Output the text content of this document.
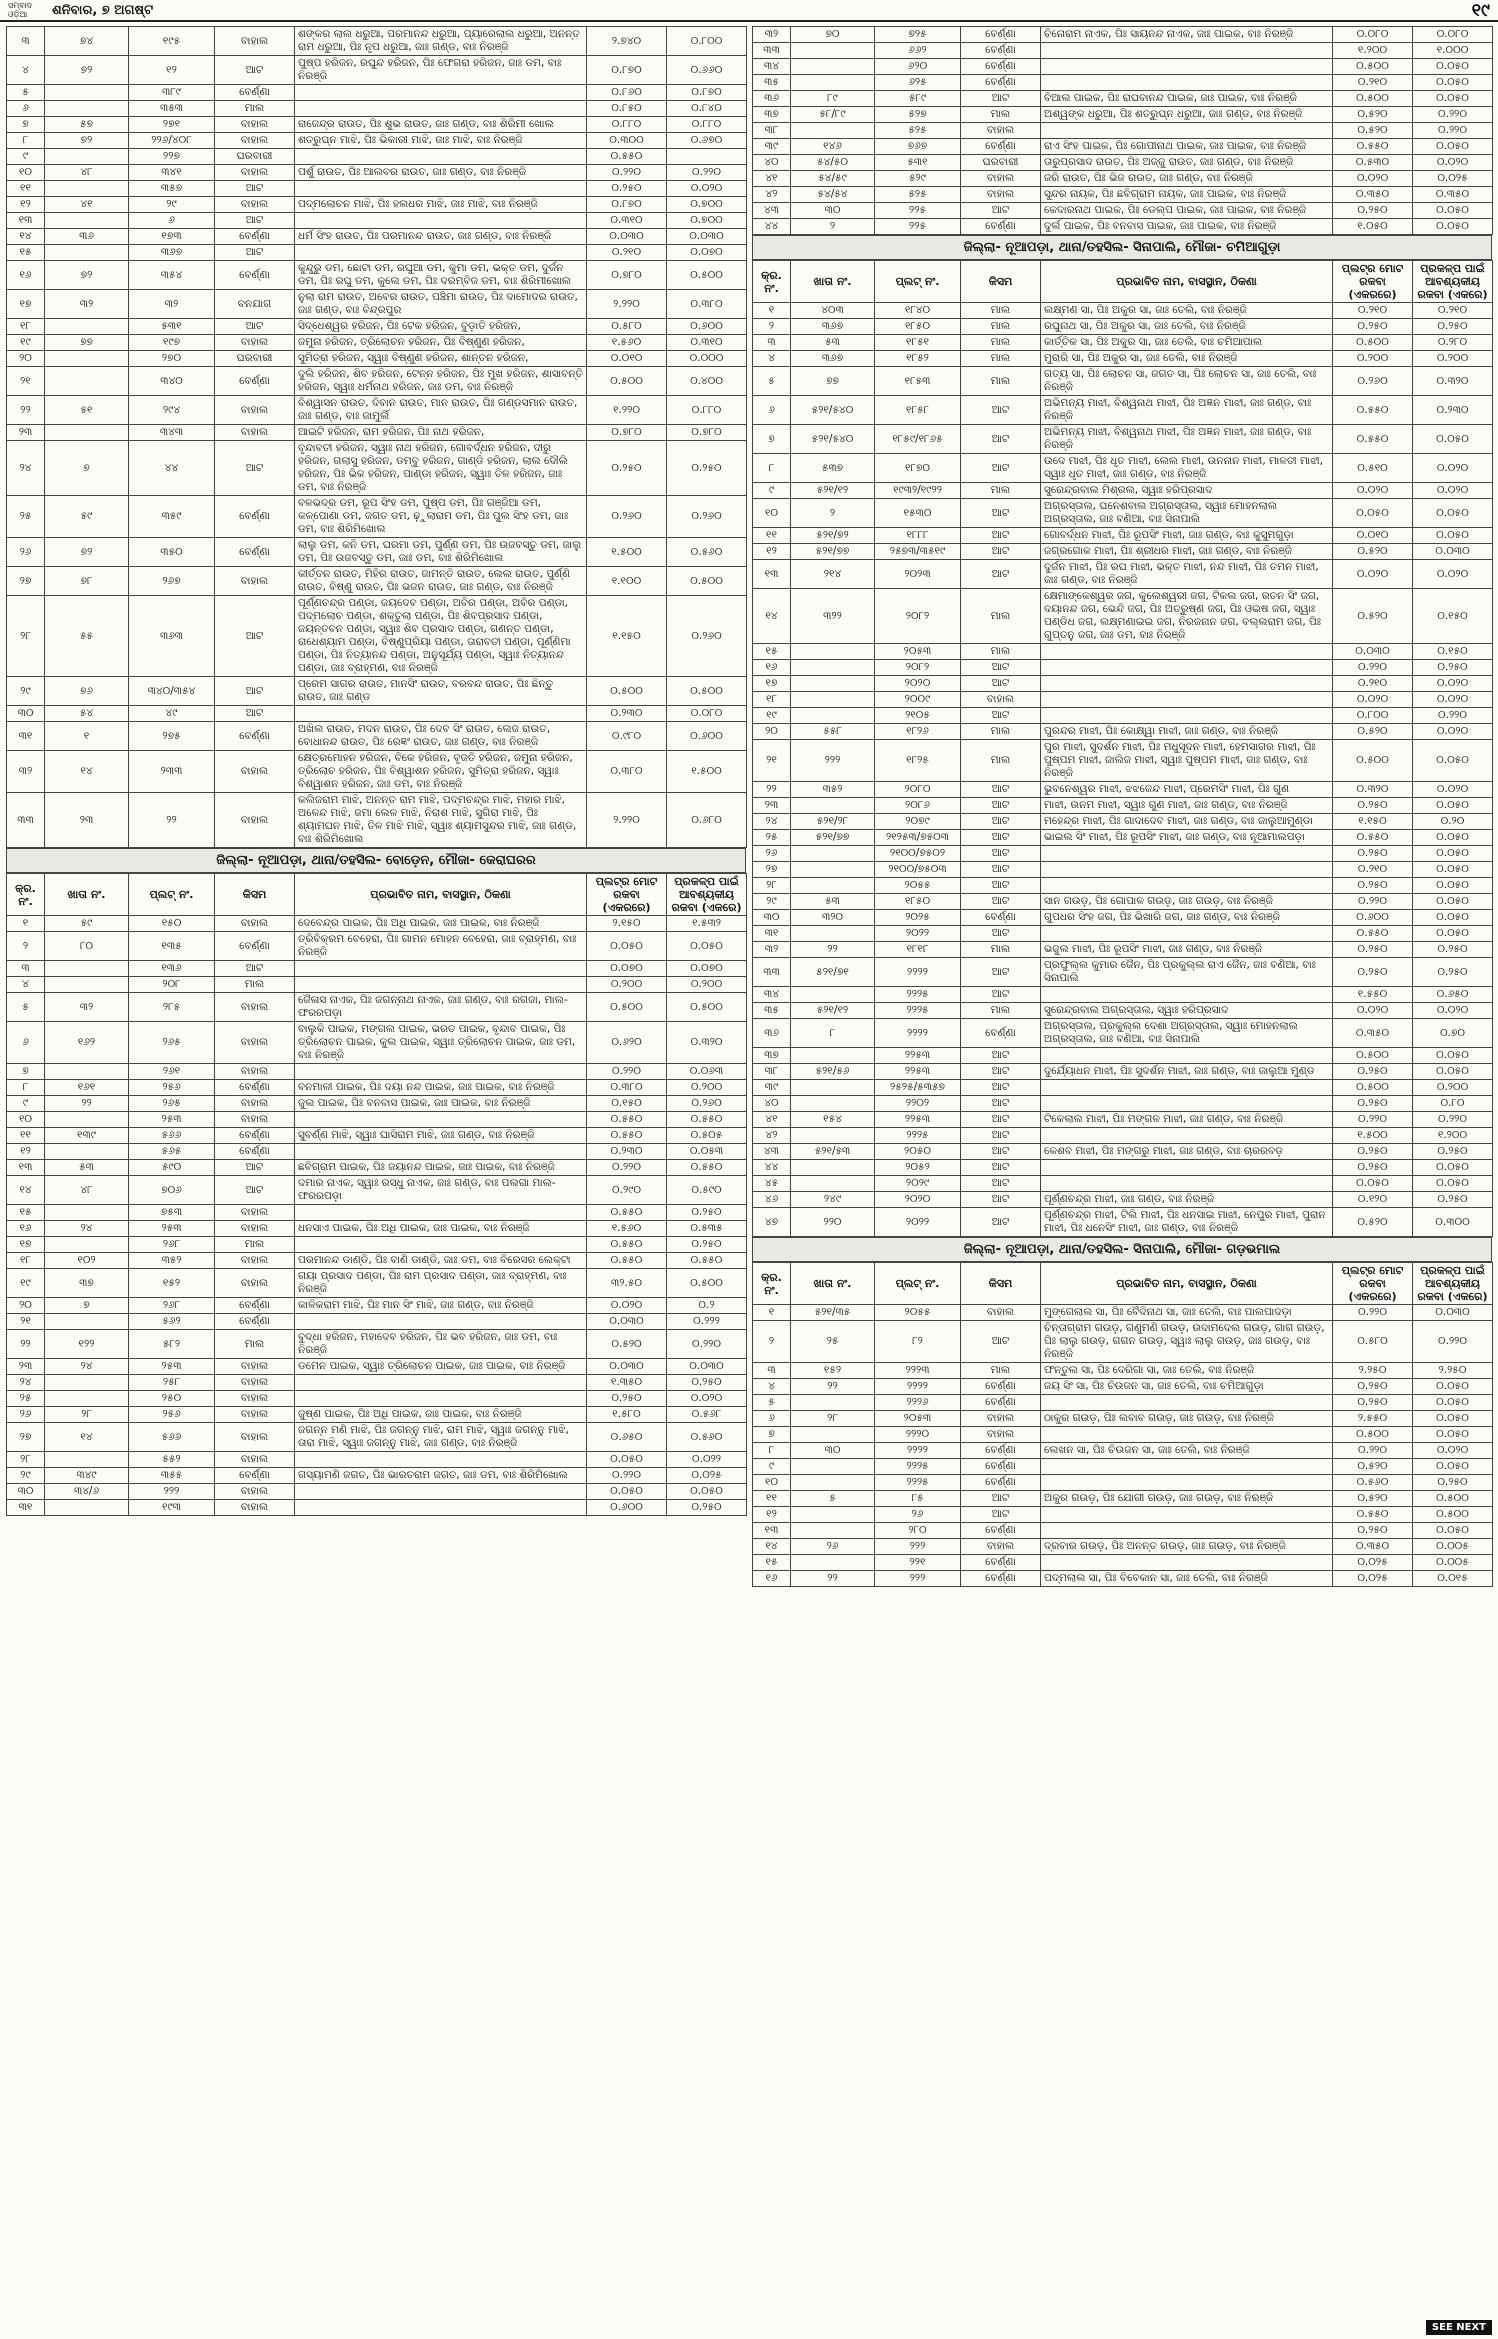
ସମ୍ବାଦ ଓଡ଼ିଆ	ଶନିବାର, ୭ ଅଗଷ୍ଟ	୧୯
୩	୭୪	୧୯୫	ବାହାଲ	ଶଙ୍କର ଲାଲ ଧରୁଆ, ପରମାନନ୍ଦ ଧରୁଆ, ପ୍ୟାରେଲାଲ ଧରୁଆ, ଅନନ୍ତ ରାମ ଧରୁଆ, ପିଃ ନୃପ ଧରୁଆ, ଜାଃ ଗଣ୍ଡ, ବାଃ ନିରଞ୍ଜି	୨.୭୪୦	୦.୮୦୦
୪	୭୨	୧୨	ଆଟ	ପୁଷ୍ପ ହରିଜନ, ରଘୁନ୍ଦ ହରିଜନ, ପିଃ ଫେଗରା ହରିଜନ, ଜାଃ ଡମ, ବାଃ ନିରଞ୍ଜି	୦.୮୭୦	୦.୬୬୦
୫		୩୮୯	ବେର୍ଣ୍ଣା		୦.୮୬୦	୦.୮୭୦
୬		୩୫୩	ମାଲ		୦.୮୫୦	୦.୮୪୦
୭	୫୭	୨୭୧	ବାହାଲ	ରାଜେନ୍ଦ୍ର ରାଉତ, ପିଃ ଶୁଭ ରାଉତ, ଜାଃ ଗଣ୍ଡ, ବାଃ ଶିରିମୀ ଖୋଲ	୦.୮୮୦	୦.୮୮୦
୮	୭୨	୨୨୬/୪୦୮	ବାହାଲ	ଶତ୍ରୁଘ୍ନ ମାଝି, ପିଃ ଭିକାରୀ ମାଝି, ଜାଃ ମାଝି, ବାଃ ନିରଞ୍ଜି	୦.୩୦୦	୦.୬୭୦
୯		୨୨୭	ଘରବାରୀ		୦.୫୫୦	
୧୦	୪୮	୩୪୧	ବାହାଲ	ପର୍ଶୁ ରାଉତ, ପିଃ ଆଲବର ରାଉତ, ଜାଃ ଗଣ୍ଡ, ବାଃ ନିରଞ୍ଜି	୦.୨୨୦	୦.୨୨୦
୧୧		୩୫୭	ଆଟ		୦.୨୫୦	୦.୦୨୦
୧୨	୪୧	୨୯	ବାହାଲ	ପଦ୍ମଲୋଚନ ମାଝି, ପିଃ ହଲଧର ମାଝି, ଜାଃ ମାଝି, ବାଃ ନିରଞ୍ଜି	୦.୮୭୦	୦.୭୦୦
୧୩		୬	ଆଟ		୦.୩୧୦	୦.୭୦୦
୧୪	୩୬	୧୭୩	ବେର୍ଣ୍ଣା	ଧର୍ମ ସିଂହ ରାଉତ, ପିଃ ପରମାନନ୍ଦ ରାଉତ, ଜାଃ ଗଣ୍ଡ, ବାଃ ନିରଞ୍ଜି	୦.୦୩୦	୦.୦୩୦
୧୫		୩୬୭	ଆଟ		୦.୨୧୦	୦.୦୭୦
୧୬	୭୨	୩୫୪	ବେର୍ଣ୍ଣା	କୁନ୍ଦୁରୁ ଡମ, ଛୋଟା ଡମ, ରଘୁଆ ଡମ, କୁମା ଡମ, ଭକ୍ତ ଡମ, ଦୁର୍ଜନ ଡମ, ପିଃ ରଘୁ ଡମ, କୁଲେ ଡମ, ପିଃ ଦରମ୍ବିଜ ଡମ, ବାଃ ଶିରିମୀଖୋଲ	୦.୭୮୦	୦.୫୦୦
୧୭	୩୨	୩୨	ବନଯାଗ	ନୁଲା ରାମ ରାଉତ, ଅବେର ରାଉତ, ପଞ୍ଚିମା ରାଉତ, ପିଃ ଦାମୋଦର ରାଉତ, ଜାଃ ଗଣ୍ଡ, ବାଃ ବିନ୍ଦ୍ରପୁର	୨.୨୨୦	୦.୩୮୦
୧୮		୫୩୧	ଆଟ	ସିଦ୍ଧେଶ୍ୱର ହରିଜନ, ପିଃ ଟେକ ହରିଜନ, ବୁଡ଼ାତି ହରିଜନ,	୦.୫୮୦	୦.୬୦୦
୧୯	୭୭	୧୯୭	ବାହାଲ	ଜମୁନା ହରିଜନ, ତ୍ରିଲୋଚନ ହରିଜନ, ପିଃ ବିଷ୍ଣୁଣ ହରିଜନ,	୧.୫୬୦	୦.୩୧୦
୨୦		୨୭୦	ଘରବାରୀ	ସୁମିତ୍ରା ହରିଜନ, ସ୍ୱାଃ ବିଷ୍ଣୁଣ ହରିଜନ, ଶାନ୍ତନ ହରିଜନ,	୦.୦୧୦	୦.୦୦୦
୨୧		୩୪୦	ବେର୍ଣ୍ଣା	ଦୁଲି ହରିଜନ, ଶିବ ହରିଜନ, ଟେନ୍ନ ହରିଜନ, ପିଃ ମୁଖ ହରିଜନ, ଶାସାବନ୍ତି ହରିଜନ, ସ୍ୱାଃ ଧର୍ମନାଥ ହରିଜନ, ଜାଃ ଡମ, ବାଃ ନିରଞ୍ଜି	୦.୫୦୦	୦.୪୦୦
୨୨	୫୧	୨୯୪	ବାହାଲ	ବିଶ୍ୱାସନ ରାଉତ, ଦିବାନ ରାଉତ, ମାନ ରାଉତ, ପିଃ ଗଣ୍ଡସମାନ ରାଉତ, ଜାଃ ଗଣ୍ଡ, ବାଃ ଜାମୁର୍ଲି	୧.୨୨୦	୦.୮୮୦
୨୩		୩୪୩	ବାହାଲ	ଆଇଟି ହରିଜନ, ରାମ ହରିଜନ, ପିଃ ନାଥ ହରିଜନ,	୦.୭୮୦	୦.୭୮୦
୨୪	୭	୪୪	ଆଟ	ବୃନ୍ଦାବତୀ ହରିଜନ, ସ୍ୱାଃ ନାଥ ହରିଜନ, ଗୋବର୍ଦ୍ଧନ ହରିଜନ, ଦୀରୁ ହରିଜନ, ଗଲାସୁ ହରିଜନ, ଡମ୍ବୁ ହରିଜନ, ଗାଣ୍ଡି ହରିଜନ, ଲାଲ ଦୌଲି ହରିଜନ, ପିଃ ଭିକ ହରିଜନ, ପାଣ୍ଡା ହରିଜନ, ସ୍ୱାଃ ତିଳ ହରିଜନ, ଜାଃ ଡମ, ବାଃ ନିରଞ୍ଜି	୦.୨୫୦	୦.୨୫୦
୨୫	୫୯	୩୫୯	ବେର୍ଣ୍ଣା	ବଳଭଦ୍ର ଡମ, ରୂପ ସିଂହ ଡମ, ପୁଷ୍ପ ଡମ, ପିଃ ଗଞ୍ଜିଆ ଡମ, କଳ୍ପୋଣା ଡମ, ଜଗତ ଡମ, ଢ଼ୁଲାରାମ ଡମ, ପିଃ ପୁଲ ସିଂହ ଡମ, ଜାଃ ଡମ, ବାଃ ଶିରିମିଖୋଲ	୦.୨୬୦	୦.୨୬୦
୨୬	୭୨	୩୫୦	ବେର୍ଣ୍ଣା	ଲାଲୁ ଡମ, କନି ଡମ, ଘରମା ଡମ, ପୁର୍ଣ୍ଣ ଡମ, ପିଃ ଉଜବସ୍ତୁ ଡମ, ଜାଲୁ ଡମ, ପିଃ ଉଜବସ୍ତୁ ଡମ, ଜାଃ ଡମ, ବାଃ ଶିରିମିଖୋଲ	୧.୫୦୦	୦.୫୬୦
୨୭	୭୮	୨୬୭	ବାହାଲ	କୀର୍ତ୍ତନ ରାଉତ, ମିହିର ରାଉତ, ଜାମନ୍ତି ରାଉତ, ଲେଲ ରାଉତ, ପୁର୍ଣ୍ଣି ରାଉତ, ବିଷ୍ଣୁ ରାଉତ, ପିଃ ଭଜନ ରାଉତ, ଜାଃ ଗଣ୍ଡ, ବାଃ ନିରଞ୍ଜି	୧.୧୦୦	୦.୫୦୦
୨୮	୫୫	୩୬୩	ଆଟ	ପୂର୍ଣ୍ଣଚନ୍ଦ୍ର ପଣ୍ଡା, ଜୟଦେବ ପଣ୍ଡା, ଅବିର ପଣ୍ଡା, ଅବିର ପଣ୍ଡା, ପଦ୍ମଲୋଚ ପଣ୍ଡା, ଶକ୍ତୁଲା ପଣ୍ଡା, ପିଃ ଶିବପ୍ରସାଦ ପଣ୍ଡା, ଜୟନ୍ତବନ ପଣ୍ଡା, ସ୍ୱାଃ ଶିବ ପ୍ରସାଦ ପଣ୍ଡା, ଗଣନ୍ତ ପଣ୍ଡା, ରାଧେଶ୍ୟାମ ପଣ୍ଡା, ବିଷ୍ଣୁପ୍ରିୟା ପଣ୍ଡା, ତାରାବତୀ ପଣ୍ଡା, ପୂର୍ଣ୍ଣିମା ପଣ୍ଡା, ପିଃ ନିତ୍ୟାନନ୍ଦ ପଣ୍ଡା, ଅନୁସୂର୍ଯ୍ୟ ପଣ୍ଡା, ସ୍ୱାଃ ନିତ୍ୟାନନ୍ଦ ପଣ୍ଡା, ଜାଃ ବ୍ରାହ୍ମଣ, ବାଃ ନିରଞ୍ଜି	୧.୧୫୦	୦.୨୬୦
୨୯	୭୬	୩୪୦/୩୫୪	ଆଟ	ପ୍ରେମ ସାଗର ରାଉତ, ମାନସିଂ ରାଉତ, ବରବନ୍ଦ ରାଉତ, ପିଃ ଛିନ୍ତୁ ରାଉତ, ଜାଃ ଗଣ୍ଡ	୦.୫୦୦	୦.୫୦୦
୩୦	୫୪	୪୯	ଆଟ		୦.୨୩୦	୦.୦୮୦
୩୧	୧	୨୭୫	ବେର୍ଣ୍ଣା	ଅଖିଲ ରାଉତ, ମଦନ ରାଉତ, ପିଃ ଦେବ ସିଂ ରାଉତ, ଲେଜ ରାଉତ, ବୋଧାନନ୍ଦ ରାଉତ, ପିଃ ରେଜ୍ଞଂ ରାଉତ, ଜାଃ ଗଣ୍ଡ, ବାଃ ନିରଞ୍ଜି	୦.୯୮୦	୦.୬୦୦
୩୨	୧୪	୨୩୩	ବାହାଲ	କ୍ଷେତ୍ରମୋହନ ହରିଜନ, ବିକେ ହରିଜନ, ବୃଜତି ହରିଜନ, ଜମୁନା ହରିଜନ, ତ୍ରିଲୋଚ ହରିଜନ, ପିଃ ବିଶ୍ୱାଶନ ହରିଜନ, ସୁମିତ୍ରା ହରିଜନ, ସ୍ୱାଃ ବିଶ୍ୱାଶନ ହରିଜନ, ଜାଃ ଡମ, ବାଃ ନିରଞ୍ଜି	୦.୩୮୦	୧.୫୦୦
୩୩	୨୩	୨୨	ବାହାଲ	କଲିଜରାମ ମାଝି, ଅନନ୍ତ ରାମ ମାଝି, ପଦ୍ମଚନ୍ଦ୍ର ମାଝି, ମହାର ମାଝି, ଅଳେନ୍ଦ ମାଝି, ଜମା ଲେଳ ମାଝି, ନିରାଶ ମାଝି, ସୁଗିରା ମାଝି, ପିଃ ଶ୍ୟାମଘନ ମାଝି, ତିଳ ମାଝି ମାଝି, ସ୍ୱାଃ ଶ୍ୟାମସୁନ୍ଦର ମାଝି, ଜାଃ ଗଣ୍ଡ, ବାଃ ଶିରିମିଖୋଲ	୨.୨୨୦	୦.୬୮୦
ଜିଲ୍ଲା- ନୂଆପଡ଼ା, ଥାନା/ତହସିଲ- ବୋଡ଼େନ, ମୌଜା- କେରାଘରର
କ୍ର. ନଂ.	ଖାତା ନଂ.	ପ୍ଲଟ୍ ନଂ.	କିସମ	ପ୍ରଭାବିତ ନାମ, ବାସସ୍ଥାନ, ଠିକଣା	ପ୍ଲଟ୍ର ମୋଟ ରକବା (ଏକରରେ)	ପ୍ରକଳ୍ପ ପାଇଁ ଆବଶ୍ୟକୀୟ ରକବା (ଏକରେ)
୧	୫୯	୧୫୦	ବାହାଲ	ଦେବେନ୍ଦ୍ର ପାଇକ, ପିଃ ଅଧି ପାଇକ, ଜାଃ ପାଇକ, ବାଃ ନିରଞ୍ଜି	୨.୧୫୦	୧.୫୩୨
୨	୮୦	୧୩୫	ବେର୍ଣ୍ଣା	ତ୍ରିବିକ୍ରମ ବେହେରା, ପିଃ ଗାମନ ମୋହନ ବେହେରା, ଜାଃ ବ୍ରାହ୍ମଣ, ବାଃ ନିରଞ୍ଜି	୦.୦୫୦	୦.୦୫୦
୩		୧୩୬	ଆଟ		୦.୦୭୦	୦.୦୭୦
୪		୨୦୮	ମାଲ		୦.୨୦୦	୦.୨୦୦
୫	୩୨	୨୮୫	ବାହାଲ	ଜୈଳାସ ନାଏକ, ପିଃ ଜଗନ୍ନାଥ ନାଏକ, ଜାଃ ଗଣ୍ଡ, ବାଃ ରଗଜା, ମାଲ- ଫରରପଡ଼ା	୦.୫୦୦	୦.୫୦୦
୬	୧୬୨	୨୬୫	ବାହାଲ	ବାଲୁକି ପାଇକ, ମଙ୍ଗଲ ପାଇକ, ଭରତ ପାଇକ, ବୃନ୍ଦାବ ପାଇକ, ପିଃ ତ୍ରିଲୋଚନ ପାଇକ, କୁଲ ପାଇକ, ସ୍ୱାଃ ତ୍ରିଲୋଚନ ପାଇକ, ଜାଃ ଡମ, ବାଃ ନିରଞ୍ଜି	୦.୬୨୦	୦.୩୨୦
୭		୨୬୧	ବାହାଲ		୦.୨୨୦	୦.୦୬୩
୮	୧୬୧	୨୫୬	ବେର୍ଣ୍ଣା	ବନମାଳୀ ପାଇକ, ପିଃ ଦୟା ନନ୍ଦ ପାଇକ, ଜାଃ ପାଇକ, ବାଃ ନିରଞ୍ଜି	୦.୩୮୦	୦.୨୦୦
୯	୨୨	୨୬୫	ବାହାଲ	ଜୁଲ ପାଇକ, ପିଃ ବନବାସ ପାଇକ, ଜାଃ ପାଇକ, ବାଃ ନିରଞ୍ଜି	୦.୧୫୦	୦.୨୬୦
୧୦		୨୫୩	ବାହାଲ		୦.୫୫୦	୦.୫୫୦
୧୧	୧୩୯	୫୬୬	ବେର୍ଣ୍ଣା	ସୁବର୍ଣ୍ଣ ମାଝି, ସ୍ୱାଃ ଘାସିରାମ ମାଝି, ଜାଃ ଗଣ୍ଡ, ବାଃ ନିରଞ୍ଜି	୦.୫୫୦	୦.୫୦୫
୧୨		୫୬୫	ବେର୍ଣ୍ଣା		୦.୨୩୦	୦.୦୫୩
୧୩	୫୩	୫୯୦	ଆଟ	ଛବିଗ୍ରାମ ପାଇକ, ପିଃ ଜୟାନନ୍ଦ ପାଇକ, ଜାଃ ପାଇକ, ବାଃ ନିରଞ୍ଜି	୦.୨୨୦	୦.୫୫୦
୧୪	୪୮	୭୦୬	ଆଟ	ଦମାର ନାଏକ, ସ୍ୱାଃ ରସ୍ଧୁ ନାଏକ, ଜାଃ ଗଣ୍ଡ, ବାଃ ପଲଗା ମାଲ- ଫରରପଡ଼ା	୦.୨୯୦	୦.୫୯୦
୧୫		୭୫୩	ବାହାଲ		୦.୫୫୦	୦.୨୫୦
୧୬	୨୪	୨୫୩	ବାହାଲ	ଧନସାଏ ପାଇକ, ପିଃ ଅଧି ପାଇକ, ଜାଃ ପାଇକ, ବାଃ ନିରଞ୍ଜି	୧.୫୬୦	୦.୫୩୫
୧୭		୨୬୮	ମାଲ		୦.୫୫୦	୦.୨୫୦
୧୮	୧୦୨	୩୫୨	ବାହାଲ	ପରମାନନ୍ଦ ଡାଣ୍ଡି, ପିଃ ବାଣି ଡାଣ୍ଡି, ଜାଃ ଡମ, ବାଃ ବିରେସର ଲେକ୍ଟା	୦.୫୫୦	୦.୫୫୦
୧୯	୩୭	୧୫୨	ବାହାଲ	ଗୟା ପ୍ରସାଦ ପଣ୍ଡା, ପିଃ ରାମ ପ୍ରସାଦ ପଣ୍ଡା, ଜାଃ ବ୍ରାହ୍ମଣ, ବାଃ ନିରଞ୍ଜି	୩୨.୫୦	୦.୫୦୦
୨୦	୭	୨୬୮	ବେର୍ଣ୍ଣା	କାଳିକରାମ ମାଝି, ପିଃ ମାନ ସିଂ ମାଝି, ଜାଃ ଗଣ୍ଡ, ବାଃ ନିରଞ୍ଜି	୦.୦୨୦	୦.୨
୨୧		୫୬୨	ବେର୍ଣ୍ଣା		୦.୦୩୦	୦.୨୨୨
୨୨	୧୨୨	୫୮୨	ମାଲ	ବୁଦ୍ଧା ହରିଜନ, ମହାଦେବ ହରିଜନ, ପିଃ ଭବ ହରିଜନ, ଜାଃ ଡମ, ବାଃ ନିରଞ୍ଜି	୦.୫୨୦	୦.୨୨୦
୨୩	୨୪	୨୫୩	ବାହାଲ	ଡମେନ ପାଇକ, ସ୍ୱାଃ ତ୍ରିଲୋଚନ ପାଇକ, ଜାଃ ପାଇକ, ବାଃ ନିରଞ୍ଜି	୦.୦୩୦	୦.୦୩୦
୨୪		୨୫୮	ବାହାଲ		୧.୩୫୦	୦.୨୫୦
୨୫		୨୫୦	ବାହାଲ		୦.୨୫୦	୦.୦୨୦
୨୬	୨୮	୨୫୬	ବାହାଲ	ଜୁଷ୍ଣ ପାଇକ, ପିଃ ଅଧି ପାଇକ, ଜାଃ ପାଇକ, ବାଃ ନିରଞ୍ଜି	୧.୫୮୦	୦.୫୬୮
୨୭	୧୪	୫୬୬	ବାହାଲ	ଜଗନ୍ନ ମଣି ମାଝି, ପିଃ ଜଗନ୍ନୁ ମାଝି, ରାମ ମାଝି, ସ୍ୱାଃ ଜଗନ୍ନୁ ମାଝି, ତାରା ମାଝି, ସ୍ୱାଃ ଜଗନ୍ନୁ ମାଝି, ଜାଃ ଗଣ୍ଡ, ବାଃ ନିରଞ୍ଜି	୦.୬୫୦	୦.୫୬୦
୨୮		୫୫୨	ବାହାଲ		୦.୦୫୦	୦.୦୨୨
୨୯	୩୪୯	୩୫୫	ବେର୍ଣ୍ଣା	ଗସ୍ୟାମଣି ଜଗତ, ପିଃ ଭାରତରାମ ଜଗତ, ଜାଃ ଡମ, ବାଃ ଶିରିମିଖୋଲ	୦.୨୨୦	୦.୦୨୫
୩୦	୩୪/୬	୨୨୨	ବାହାଲ		୦.୦୫୦	୦.୦୫୦
୩୧		୧୯୩	ବାହାଲ		୦.୬୦୦	୦.୨୫୦
୩୨	୭୦	୭୨୫	ବେର୍ଣ୍ଣା	ଚିନୋରାମ ନାଏକ, ପିଃ ସାୟନନ୍ଦ ନାଏକ, ଜାଃ ପାଇକ, ବାଃ ନିରଞ୍ଜି	୦.୦୮୦	୦.୦୮୦
୩୩		୬୬୨	ବେର୍ଣ୍ଣା		୧.୨୦୦	୧.୦୦୦
୩୪		୬୨୦	ବେର୍ଣ୍ଣା		୦.୫୦୦	୦.୦୫୦
୩୫		୬୨୫	ବେର୍ଣ୍ଣା		୦.୨୧୦	୦.୦୫୦
୩୬	୮୯	୫୮୯	ଆଟ	ବିଆଲ ପାଇକ, ପିଃ ରାଘବାନନ୍ଦ ପାଇକ, ଜାଃ ପାଇକ, ବାଃ ନିରଞ୍ଜି	୦.୫୦୦	୦.୦୫୦
୩୭	୫୮/୮୯	୫୨୭	ମାଲ	ଅଶ୍ୱଙ୍କ ଧରୁଆ, ପିଃ ଶତ୍ରୁଘ୍ନ ଧରୁଆ, ଜାଃ ଗଣ୍ଡ, ବାଃ ନିରଞ୍ଜି	୦.୫୨୦	୦.୨୨୦
୩୮		୫୨୫	ବାହାଲ		୦.୫୨୦	୦.୨୨୦
୩୯	୧୪୬	୭୬୭	ବେର୍ଣ୍ଣା	ରାଏ ସିଂହ ପାଇକ, ପିଃ ଗୋପୀନାଥ ପାଇକ, ଜାଃ ପାଇକ, ବାଃ ନିରଞ୍ଜି	୦.୫୫୦	୦.୦୫୦
୪୦	୫୪/୫୦	୫୩୧	ଘରବାରୀ	ତାରୁପ୍ରସାଦ ରାଉତ, ପିଃ ଅଜ୍ଜୁ ରାଉତ, ଜାଃ ଗଣ୍ଡ, ବାଃ ନିରଞ୍ଜି	୦.୫୩୦	୦.୦୨୦
୪୧	୫୪/୫୯	୫୨୯	ବାହାଲ	ଜରି ରାଉତ, ପିଃ ଭିଜ ରାଉତ, ଜାଃ ଗଣ୍ଡ, ବାଃ ନିରଞ୍ଜି	୦.୦୨୦	୦.୦୨୫
୪୨	୫୪/୫୪	୫୨୫	ବାହାଲ	ସୁନ୍ଦର ନାୟକ, ପିଃ ଛବିଗ୍ରାମ ନାୟକ, ଜାଃ ପାଇକ, ବାଃ ନିରଞ୍ଜି	୦.୩୫୦	୦.୩୫୦
୪୩	୩୦	୨୨୫	ଆଟ	କେଦାରନାଥ ପାଇକ, ପିଃ ଡେଲ୍ପ ପାଇକ, ଜାଃ ପାଇକ, ବାଃ ନିରଞ୍ଜି	୦.୨୫୦	୦.୦୫୦
୪୪	୨	୨୨୫	ବେର୍ଣ୍ଣା	ଦୁର୍ଲ ପାଇକ, ପିଃ ବନବାସ ପାଇକ, ଜାଃ ପାଇକ, ବାଃ ନିରଞ୍ଜି	୧.୦୫୦	୦.୦୫୦
ଜିଲ୍ଲା- ନୂଆପଡ଼ା, ଥାନା/ତହସିଲ- ସିନାପାଲି, ମୌଜା- ଚମିଆଗୁଡ଼ା
କ୍ର. ନଂ.	ଖାତା ନଂ.	ପ୍ଲଟ୍ ନଂ.	କିସମ	ପ୍ରଭାବିତ ନାମ, ବାସସ୍ଥାନ, ଠିକଣା	ପ୍ଲଟ୍ର ମୋଟ ରକବା (ଏକରରେ)	ପ୍ରକଳ୍ପ ପାଇଁ ଆବଶ୍ୟକୀୟ ରକବା (ଏକରେ)
୧	୪୦୩	୧୮୪୦	ମାଲ	ଲକ୍ଷ୍ମଣ ସା, ପିଃ ଅକୁର ସା, ଜାଃ ତେଲି, ବାଃ ନିରଞ୍ଜି	୦.୨୧୦	୦.୨୧୦
୨	୩୬୭	୧୮୫୦	ମାଲ	ରଘୁନାଥ ସା, ପିଃ ଅକୁର ସା, ଜାଃ ତେଲି, ବାଃ ନିରଞ୍ଜି	୦.୨୫୦	୦.୨୫୦
୩	୫୩	୧୮୫୧	ମାଲ	କାର୍ତ୍ତିକ ସା, ପିଃ ଅକୁର ସା, ଜାଃ ତେଲି, ବାଃ ଚମିଆପାଲ	୦.୫୦୦	୦.୨୮୦
୪	୩୬୭	୧୮୫୨	ମାଲ	ମୁରାରି ସା, ପିଃ ଅକୁର ସା, ଜାଃ ତେଲି, ବାଃ ନିରଞ୍ଜି	୦.୨୦୦	୦.୨୦୦
୫	୭୭	୧୮୫୩	ମାଲ	ଗତ୍ୟ ସା, ପିଃ ଲୋଚନ ସା, ଜଗତ ସା, ପିଃ ଲୋଚନ ସା, ଜାଃ ତେଲି, ବାଃ ନିରଞ୍ଜି	୦.୨୬୦	୦.୩୨୦
୬	୫୨୧/୫୪୦	୧୮୫୮	ଆଟ	ଅଭିମନ୍ୟ ମାଝୀ, ବିଶ୍ୱନାଥ ମାଝୀ, ପିଃ ଅଜ୍ଞନ ମାଝୀ, ଜାଃ ଗଣ୍ଡ, ବାଃ ନିରଞ୍ଜି	୦.୫୫୦	୦.୨୩୦
୭	୫୨୧/୫୪୦	୧୮୫୯/୧୮୬୫	ଆଟ	ଅଭିମନ୍ୟ ମାଝୀ, ବିଶ୍ୱନାଥ ମାଝୀ, ପିଃ ଅଜ୍ଞନ ମାଝୀ, ଜାଃ ଗଣ୍ଡ, ବାଃ ନିରଞ୍ଜି	୦.୫୫୦	୦.୦୫୦
୮	୫୩୭	୧୮୭୦	ଆଟ	ଉଦେ ମାଝୀ, ପିଃ ଧୃତ ମାଝୀ, ଲେଲ ମାଝୀ, ଉନନାନ ମାଝୀ, ମାଳତୀ ମାଝୀ, ସ୍ୱାଃ ଧୃତ ମାଝୀ, ଜାଃ ଗଣ୍ଡ, ବାଃ ନିରଞ୍ଜି	୦.୫୧୦	୦.୦୨୦
୯	୫୨୧/୧୨	୧୯୩୨/୧୯୨୨	ମାଲ	ସୁରେନ୍ଦ୍ରବାଲ ମିଶ୍ରଲ, ସ୍ୱାଃ ହରିପ୍ରସାଦ	୦.୦୨୦	୦.୦୨୦
୧୦	୨	୧୫୩୦	ଆଟ	ଅଗ୍ରସ୍ତାଲ, ଘନେଶବାଲ ଅଗ୍ରସ୍ତାଲ, ସ୍ୱାଃ ମୋହନଲାଲ ଅଗ୍ରସ୍ତାଲ, ଜାଃ ବଣିଆ, ବାଃ ସିନାପାଲି	୦.୦୫୦	୦.୦୫୦
୧୧	୫୨୧/୭୨	୧୮୮୮	ଆଟ	ଗୋବର୍ଦ୍ଧନ ମାଝୀ, ପିଃ ରୂପସିଂ ମାଝୀ, ଜାଃ ଗଣ୍ଡ, ବାଃ କୁସୁମଗୁଡ଼ା	୦.୦୧୦	୦.୦୫୦
୧୨	୫୨୧/୭୭	୨୫୭୩/୩୫୧୯	ଆଟ	ଜଗ୍ରଗୋକ ମାଝୀ, ପିଃ ଶ୍ରୀଧର ମାଝୀ, ଜାଃ ଗଣ୍ଡ, ବାଃ ନିରଞ୍ଜି	୦.୫୨୦	୦.୦୩୦
୧୩	୨୧୪	୨୦୨୩	ଆଟ	ଦୁର୍ଜନ ମାଝୀ, ପିଃ ରଘ ମାଝୀ, ଭକ୍ତ ମାଝୀ, ନନ୍ଦ ମାଝୀ, ପିଃ ତମନ ମାଝୀ, ଜାଃ ଗଣ୍ଡ, ବାଃ ନିରଞ୍ଜି	୦.୦୨୦	୦.୦୨୦
୧୪	୩୨୨	୨୦୮୨	ମାଲ	କ୍ଷେମାଙ୍କେଶ୍ୱର ଜଗ, କୁଲେଶ୍ୱରୀ ଜଗ, ଟିକଲ ଜଗ, ରତନ ସିଂ ଜଗ, ଦୟାନନ୍ଦ ଜଗ, ଭେନ୍ଦି ଜଗ, ପିଃ ଅତ୍ରୁଷ୍ଣ ଜଗ, ପିଃ ଓଇଷ ଜଗ, ସ୍ୱାଃ ପଣ୍ଡିଧ ଜଗ, ଲକ୍ଷ୍ମଣାଇଇ ଜଗ, ନିରଜନାନ ଜଗ, ବଲ୍ଲରାମ ଜଗ, ପିଃ ଗୁପ୍ତନୁ ଜଗ, ଜାଃ ଡମ, ବାଃ ନିରଞ୍ଜି	୦.୫୨୦	୦.୧୫୦
୧୫		୨୦୫୩	ମାଲ		୦.୦୩୦	୦.୧୫୦
୧୬		୨୦୮୨	ଆଟ		୦.୨୨୦	୦.୨୫୦
୧୭		୨୦୨୦	ଆଟ		୦.୨୧୦	୦.୦୨୦
୧୮		୨୦୦୯	ବାହାଲ		୦.୦୨୦	୦.୦୨୦
୧୯		୨୧୦୫	ଆଟ		୦.୮୦୦	୦.୨୨୦
୨୦	୫୫୮	୧୮୨୬	ମାଲ	ପୁରନ୍ଦର ମାଝୀ, ପିଃ କୋକ୍ଷ୍ୱା ମାଝୀ, ଜାଃ ଗଣ୍ଡ, ବାଃ ନିରଞ୍ଜି	୦.୫୨୦	୦.୦୨୦
୨୧	୨୨୨	୧୮୨୫	ମାଲ	ପୁର ମାଝୀ, ସୁଦର୍ଶନ ମାଝୀ, ପିଃ ମଧୁସୂଦନ ମାଝୀ, ହେମସାଗର ମାଝୀ, ପିଃ ପୁଷ୍ପମ ମାଝୀ, ଜାଲିଜ ମାଝୀ, ସ୍ୱାଃ ପୁଷ୍ପମ ମାଝୀ, ଜାଃ ଗଣ୍ଡ, ବାଃ ନିରଞ୍ଜି	୦.୫୦୦	୦.୦୫୦
୨୨	୩୫୨	୨୦୮୦	ଆଟ	ଭୁବନେଶ୍ୱର ମାଝୀ, ଝଝଜେନ୍ଦ ମାଝୀ, ପ୍ରେମସିଂ ମାଝୀ, ପିଃ ଗୁଣ	୦.୩୨୦	୦.୦୨୦
୨୩		୨୦୮୬	ଆଟ	ମାଝୀ, ଉନମ ମାଝୀ, ସ୍ୱାଃ ଗୁଣ ମାଝୀ, ଜାଃ ଗଣ୍ଡ, ବାଃ ନିରଞ୍ଜି	୦.୨୫୦	୦.୦୫୦
୨୪	୫୨୧/୨୮	୨୦୭୯	ଆଟ	ମହେନ୍ଦ୍ର ମାଝୀ, ପିଃ ଗାଦାଦେବ ମାଝୀ, ଜାଃ ଗଣ୍ଡ, ବାଃ ଜାଲୁଆମୁଣ୍ଡା	୧.୧୫୦	୦.୨୦
୨୫	୫୨୧/୭୭	୨୧୨୫୩/୭୫୦୩	ଆଟ	ଭାଇଲ ସିଂ ମାଝୀ, ପିଃ ରୂପସିଂ ମାଝୀ, ଜାଃ ଗଣ୍ଡ, ବାଃ ନୂଆମାଲପଡ଼ା	୦.୫୫୦	୦.୦୫୦
୨୬		୨୧୦୦/୭୫୦୨	ଆଟ		୦.୨୫୦	୦.୦୫୦
୨୭		୨୧୦୦/୭୫୦୩	ଆଟ		୦.୨୧୦	୦.୦୫୦
୨୮		୨୦୫୫	ଆଟ		୦.୨୫୦	୦.୦୫୦
୨୯	୫୩	୧୮୫୦	ଆଟ	ସାନ ଗଉଡ଼, ପିଃ ଗୋପାଳ ଗଉଡ଼, ଜାଃ ଗଉଡ଼, ବାଃ ନିରଞ୍ଜି	୦.୨୨୦	୦.୦୫୦
୩୦	୩୨୦	୨୦୨୫	ବେର୍ଣ୍ଣା	ଗୁପଧର ସିଂହ ଜଗ, ପିଃ ଭିଖାରି ଜଗ, ଜାଃ ଗଣ୍ଡ, ବାଃ ନିରଞ୍ଜି	୦.୬୦୦	୦.୦୫୦
୩୧		୨୦୨୨	ଆଟ		୦.୫୫୦	୦.୦୫୦
୩୨	୨୨	୧୮୧୮	ମାଲ	ଭଜୁଲ ମାଝୀ, ପିଃ ରୂପସିଂ ମାଝୀ, ଜାଃ ଗଣ୍ଡ, ବାଃ ନିରଞ୍ଜି	୦.୨୫୦	୦.୨୫୦
୩୩	୫୨୧/୭୧	୨୨୨୨	ଆଟ	ପ୍ରଫୁଲ୍ଲ କୁମାର ଜୈନ, ପିଃ ପ୍ରକୁଲ୍ଲ ରାଏ ଜୈନ, ଜାଃ ବଣିଆ, ବାଃ ସିନାପାଲି	୦.୨୫୦	୦.୨୫୦
୩୪		୨୨୨୫	ଆଟ		୧.୫୫୦	୦.୬୫୦
୩୫	୫୨୧/୧୨	୨୨୨୫	ମାଲ	ସୁରେନ୍ଦ୍ରବାଲ ଅଗ୍ରସ୍ତାଲ, ସ୍ୱାଃ ହରିପ୍ରସାଦ	୦.୦୨୦	୦.୦୨୦
୩୬	୮	୨୨୨୨	ବେର୍ଣ୍ଣା	ଅଗ୍ରସ୍ତାଲ, ପ୍ରକୁଲ୍ଲ ଦେଶା ଅଗ୍ରସ୍ତାଲ, ସ୍ୱାଃ ମୋହନଲାଲ ଅଗ୍ରସ୍ତାଲ, ଜାଃ ବଣିଆ, ବାଃ ସିନାପାଲି	୦.୩୫୦	୦.୭୦
୩୭		୨୨୫୩	ଆଟ		୦.୫୦୦	୦.୦୫୦
୩୮	୫୨୧/୫୬	୨୨୫୩	ଆଟ	ଦୁର୍ଯ୍ୟୋଧନ ମାଝୀ, ପିଃ ସୁଦର୍ଶନ ମାଝୀ, ଜାଃ ଗଣ୍ଡ, ବାଃ ଜାଲୁଆ ମୁଣ୍ଡ	୦.୨୫୦	୦.୦୫୦
୩୯		୨୫୨୫/୫୩୫୭	ଆଟ		୦.୫୦୦	୦.୨୦୦
୪୦		୨୨୦୨	ଆଟ		୦.୨୫୦	୦.୮୦
୪୧	୧୫୪	୨୨୫୩	ଆଟ	ଟିକେଲାଲ ମାଝୀ, ପିଃ ମଙ୍ଗଳ ମାଝୀ, ଜାଃ ଗଣ୍ଡ, ବାଃ ନିରଞ୍ଜି	୦.୨୨୦	୦.୨୨୦
୪୨		୨୨୨୫	ଆଟ		୧.୫୦୦	୧.୨୦୦
୪୩	୫୨୧/୫୩	୨୦୫୦	ଆଟ	କେଶବ ମାଝୀ, ପିଃ ମଙ୍ଗରୁ ମାଝୀ, ଜାଃ ଗଣ୍ଡ, ବାଃ ଚାରରବଡ଼	୦.୨୫୦	୦.୨୫୦
୪୪		୨୦୫୨	ଆଟ		୦.୨୫୦	୦.୦୫୦
୪୫		୨୦୨୯	ଆଟ		୦.୦୫୦	୦.୦୫୦
୪୬	୨୪୯	୨୦୨୦	ଆଟ	ପୂର୍ଣ୍ଣଚନ୍ଦ୍ର ମାଝୀ, ଜାଃ ଗଣ୍ଡ, ବାଃ ନିରଞ୍ଜି	୦.୧୨୦	୦.୨୫୦
୪୭	୨୨୦	୨୦୨୨	ଆଟ	ପୂର୍ଣ୍ଣଚନ୍ଦ୍ର ମାଝୀ, ଟିଲି ମାଝୀ, ପିଃ ଧନସାଇ ମାଝୀ, ନେପୁର ମାଝୀ, ପୁରାନ ମାଝୀ, ପିଃ ଧନେସିଂ ମାଝୀ, ଜାଃ ଗଣ୍ଡ, ବାଃ ନିରଞ୍ଜି	୦.୫୨୦	୦.୩୦୦
ଜିଲ୍ଲା- ନୂଆପଡ଼ା, ଥାନା/ତହସିଲ- ସିନାପାଲି, ମୌଜା- ଗଡ଼ଭମାଲ
କ୍ର. ନଂ.	ଖାତା ନଂ.	ପ୍ଲଟ୍ ନଂ.	କିସମ	ପ୍ରଭାବିତ ନାମ, ବାସସ୍ଥାନ, ଠିକଣା	ପ୍ଲଟ୍ର ମୋଟ ରକବା (ଏକରରେ)	ପ୍ରକଳ୍ପ ପାଇଁ ଆବଶ୍ୟକୀୟ ରକବା (ଏକରେ)
୧	୫୨୧/୩୫	୨୦୫୫	ବାହାଲ	ମୁଙ୍ଗେଲାଲ ସା, ପିଃ ବୈଦିନାଥ ସା, ଜାଃ ତେଲି, ବାଃ ପାଲପାଦଡ଼ା	୦.୨୨୦	୦.୦୩୦
୨	୨୫	୮୨	ଆଟ	ଚିନ୍ତାଗ୍ରାମ ଗଉଡ଼, ଗଣୁମଣି ଗଉଡ଼, ଉଦାମଦେଲ ଗଉଡ଼, ଗାଗ ଗଉଡ଼, ପିଃ ଲାଲୁ ଗଉଡ଼, ଗଗନ ଗଉଡ଼, ସ୍ୱାଃ ଲାଲୁ ଗଉଡ଼, ଜାଃ ଗଉଡ଼, ବାଃ ନିରଞ୍ଜି	୦.୫୮୦	୦.୨୨୦
୩	୧୫୨	୨୨୨୩	ମାଲ	ଫନ୍ତୁଲ ସା, ପିଃ ଦେରିଗା ସା, ଜାଃ ତେଲି, ବାଃ ନିରଞ୍ଜି	୨.୨୫୦	୨.୨୫୦
୪	୨୨	୨୨୨୨	ବେର୍ଣ୍ଣା	ଜୟ ସିଂ ସା, ପିଃ ଚିଉଜନ ସା, ଜାଃ ତେଲି, ବାଃ ଚମିଆଗୁଡ଼ା	୦.୨୫୦	୦.୦୫୦
୫		୨୨୨୬	ବେର୍ଣ୍ଣା		୦.୨୫୦	୦.୦୫୦
୬	୨୮	୨୦୫୩	ବାହାଲ	ଠାକୁର ଗଉଡ଼, ପିଃ ଲବାବ ଗଉଡ଼, ଜାଃ ଗଉଡ଼, ବାଃ ନିରଞ୍ଜି	୨.୫୫୦	୦.୦୫୦
୭		୨୨୨୦	ବାହାଲ		୦.୫୦୦	୦.୦୫୦
୮	୩୦	୨୨୨୨	ବେର୍ଣ୍ଣା	ଲେଖନ ସା, ପିଃ ଚିଉଜନ ସା, ଜାଃ ତେଲି, ବାଃ ନିରଞ୍ଜି	୦.୨୨୦	୦.୦୨୦
୯		୨୨୨୫	ବେର୍ଣ୍ଣା		୦.୫୨୦	୦.୦୫୦
୧୦		୨୨୨୫	ବେର୍ଣ୍ଣା		୦.୫୬୦	୦.୨୫୦
୧୧	୫	୮୫	ଆଟ	ଅକୁର ଗଉଡ଼, ପିଃ ଯୋଗୀ ଗଉଡ଼, ଜାଃ ଗଉଡ଼, ବାଃ ନିରଞ୍ଜି	୦.୫୨୦	୦.୫୦୦
୧୨		୨୬	ଆଟ		୦.୫୫୦	୦.୫୦୦
୧୩		୨୮୦	ବେର୍ଣ୍ଣା		୦.୨୫୦	୦.୦୫୦
୧୪	୨୬	୨୨୨	ବାହାଲ	ଦ୍ରବାର ଗଉଡ଼, ପିଃ ଅନନ୍ତ ଗଉଡ଼, ଜାଃ ଗଉଡ଼, ବାଃ ନିରଞ୍ଜି	୦.୩୫୦	୦.୦୦୫
୧୫		୨୨୧	ବେର୍ଣ୍ଣା		୦.୦୨୫	୦.୦୦୫
୧୬	୨୨	୨୨୨	ବେର୍ଣ୍ଣା	ପଦ୍ମଲାଲ ସା, ପିଃ ବିବେକାନ ସା, ଜାଃ ତେଲି, ବାଃ ନିରଞ୍ଜି	୦.୦୨୫	୦.୦୧୫
SEE NEXT
